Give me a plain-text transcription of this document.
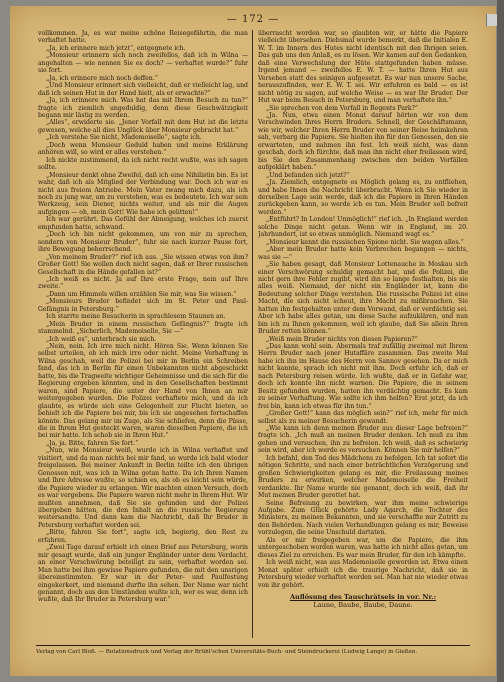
— 172 —

vollkommen. Ja, es war meine schöne Reisegefährtin, die man verhaftet hatte.

„Ja, ich erinnere mich jetzt“, entgegnete ich.

„Monsieur erinnern sich noch zweifellos, daß ich in Wilna — angehalten — wie nennen Sie es doch? — verhaftet wurde?“ fuhr sie fort.

„Ja, ich erinnere mich noch deffen.“

„Und Monsieur erinnert sich vielleicht, daß er vielleicht lag, und daß ich seinen Hut in der Hand hielt, als er erwachte?“

„Ja, ich erinnere mich. Was hat das mit Ihrem Besuch zu tun?“ fragte ich ziemlich ungeduldig, denn diese Geschwätzigkeit begann mir lästig zu werden.

„Alles“, erwiderte sie. „Jener Vorfall mit dem Hut ist die letzte gewesen, welche all dies Unglück über Monsieur gebracht hat.“

„Ich verstehe Sie nicht, Mademoiselle“, sagte ich.

„Doch wenn Monsieur Geduld haben und meine Erklärung anhören will, so wird er alles verstehen.“

Ich nickte zustimmend, da ich nicht recht wußte, was ich sagen sollte.

„Monsieur denkt ohne Zweifel, daß ich eine Nihilistin bin. Es ist wahr, daß ich als Mitglied der Verbindung war. Doch ich war es nicht aus freiem Antriebe. Mein Vater zwang mich dazu, als ich noch zu jung war, um zu verstehen, was es bedeutete. Ich war sein Werkzeug, sein Diener, nichts weiter, und als mir die Augen aufgingen — oh, mein Gott! Wie habe ich gelitten!“

Ich war gerührt. Das Gefühl der Abneigung, welches ich zuerst empfunden hatte, schwand.

„Doch ich bin nicht gekommen, um von mir zu sprechen, sondern von Monsieur Bruder“, fuhr sie nach kurzer Pause fort, ihre Bewegung beherrschend.

„Von meinem Bruder?“ rief ich aus. „Sie wissen etwas von ihm? Großer Gott! Sie wollen doch nicht sagen, daß er Ihrer russischen Gesellschaft in die Hände gefallen ist?“

„Ich weiß es nicht. Ja auf Ihre erste Frage, nein auf Ihre zweite.“

„Dann um Himmels willen erzählen Sie mir, was Sie wissen.“

„Monsieurs Bruder befindet sich im St. Peter und Paul-Gefängnis in Petersburg.“

Ich starrte meine Besucherin in sprachlosem Staunen an.

„Mein Bruder in einem russischen Gefängnis?“ fragte ich stammelnd. „Sicherlich, Mademoiselle, Sie —“

„Ich weiß es“, unterbrach sie mich.

„Nein, nein. Ich irre mich nicht. Hören Sie. Wenn können Sie selbst urteilen, ob ich mich irre oder nicht. Meine Verhaftung in Wilna geschah, weil die Polizei bei mir in Berlin ein Schreiben fand, das ich in Berlin für einen Unbekannten nicht abgeschickt hatte, bis die Tragweite wichtiger Geheimnisse und die sich für die Regierung ergeben könnten, und in den Gesellschaften bestimmt waren, sind Papiere, die unter der Hand von Ihnen an mir weitergegeben wurden. Die Polizei verhaftete mich, und da ich glaubte, es würde sich eine Gelegenheit zur Flucht bieten, so behielt ich die Papiere bei mir, bis ich sie ungesehen fortschaffen könnte. Das gelang mir im Zuge, als Sie schliefen, denn die Pässe, die in Ihrem Hut gesteckt waren, waren dieselben Papiere, die ich bei mir hatte. Ich schob sie in Ihren Hut.“

„Ja, ja. Bitte, fahren Sie fort.“

„Nun, wie Monsieur weiß, wurde ich in Wilna verhaftet und visitiert, und da man nichts bei mir fand, so wurde ich bald wieder freigelassen. Bei meiner Ankunft in Berlin teilte ich den übrigen Genossen mit, was ich in Wilna getan hatte. Da ich Ihren Namen und Ihre Adresse wußte, so schien es, als ob es leicht sein würde, die Papiere wieder zu erlangen. Wir machten einen Versuch, doch es war vergebens. Die Papiere waren nicht mehr in Ihrem Hut. Wir mußten annehmen, daß Sie sie gefunden und der Polizei übergeben hätten, die den Inhalt an die russische Regierung weitersandte. Und dann kam die Nachricht, daß Ihr Bruder in Petersburg verhaftet worden sei.

„Bitte, fahren Sie fort“, sagte ich, begierig, den Rest zu erfahren.

„Zwei Tage darauf erhielt ich einen Brief aus Petersburg, worin mir gesagt wurde, daß ein junger Engländer unter dem Verdacht, an einer Verschwörung beteiligt zu sein, verhaftet worden sei. Man hatte bei ihm gewisse Papiere gefunden, die mit den unsrigen übereinstimmten. Er war in der Peter- und Paulfestung eingekerkert, und niemand durfte ihn sehen. Der Name war nicht genannt, doch aus den Umständen wußte ich, wer es war, denn ich wußte, daß Ihr Bruder in Petersburg war.“

überrascht worden war, so glaubten wir, er hätte die Papiere vielleicht übersehen. Diebsmal wurde bemerkt, daß die Initialen E. W. T. im Innern des Hutes nicht identisch mit den Ihrigen seien. Das gab uns den Anlaß, es zu lösen. Wir kamen auf den Gedanken, daß eine Verwechslung der Hüte stattgefunden haben müsse. Irgend jemand — zweifellos E. W. T. — hatte Ihren Hut aus Versehen statt des seinigen aufgesetzt. Es war nun unsere Sache, herauszufinden, wer E. W. T. sei. Wir erfuhren es bald — es ist nicht nötig zu sagen, auf welche Weise — es war Ihr Bruder. Der Hut war beim Besuch in Petersburg, und man verhaftete ihn.“

„Sie sprechen von dem Vorfall in Regents Park?“

„Ja. Nun, etwa einen Monat darauf hörten wir von dem Verschwinden Ihres Herrn Bruders. Schnell, der Geschäftsmann, wie wir, welcher Ihren Herrn Bruder von seiner Reise heimkehren sah, verbarg die Papiere. Sie hielten ihn für den Genossen, den sie erwarteten, und nahmen ihn fest. Ich weiß nicht, was dann geschah, doch ich fürchte, daß man ihn nicht eher freilassen wird, bis Sie den Zusammenhang zwischen den beiden Vorfällen aufgeklärt haben.“

„Und befanden sich jetzt?“

„Ja. Ziemlich, entgegnete es Möglich gelang es, zu entfliehen, und habe Ihnen die Nachricht überbracht. Wenn ich Sie wieder in derselben Lage sein werde, daß ich die Papiere in Ihren Händen zurückgeben kann, so werde ich es tun. Mein Bruder soll befreit werden.“

„Entführt? In London! Unmöglich!“ rief ich. „In England werden solche Dinge nicht getan. Wenn wir in England, im 20. Jahrhundert, ist so etwas unmöglich. Niemand wagt es.“

„Monsieur kennt die russischen Spione nicht. Sie wagen alles.“

„Aber mein Bruder hatte kein Verbrechen begangen — nichts, was sie —“

„Sie haben gesagt, daß Monsieur Lottenauche in Moskau sich einer Verschwörung schuldig gemacht hat, und die Polizei, die nicht gern ihre Fehler zugibt, wird ihn so lange festhalten, bis sie alles weiß. Niemand, der nicht ein Engländer ist, kann die Bedeutung solcher Dinge verstehen. Die russische Polizei ist eine Macht, die sich nicht scheut, ihre Macht zu mißbrauchen. Sie hatten ihn festgehalten unter dem Vorwand, daß er verdächtig sei. Aber ich habe alles getan, um diese Sache aufzuklären, und nun bin ich zu Ihnen gekommen, weil ich glaube, daß Sie allein Ihren Bruder retten können.“

„Weiß mein Bruder nichts von diesen Papieren?“

„Das kann wohl sein. Abermals traf zufällig zweimal mit Ihrem Herrn Bruder nach jener Hutaffäre zusammen. Das zweite Mal habe ich ihn im Hause des Herrn von Sannov gesehen. Da er mich nicht kannte, sprach ich nicht mit ihm. Doch erfuhr ich, daß er nach Petersburg reisen würde. Ich wußte, daß er in Gefahr war, doch ich konnte ihn nicht warnen. Die Papiere, die in seinem Besitz gefunden wurden, hatten ihn verdächtig gemacht. Es kam zu seiner Verhaftung. Wie sollte ich ihm helfen? Erst jetzt, da ich frei bin, kann ich etwas für ihn tun.“

„Großer Gott!“ kann das möglich sein?“ rief ich, mehr für mich selbst als zu meiner Besucherin gewandt.

„Wie kann ich denn meinen Bruder aus dieser Lage befreien?“ fragte ich. „Ich muß an meinen Bruder denken. Ich muß zu ihm gehen und versuchen, ihn zu befreien. Ich weiß, daß es schwierig sein wird, aber ich werde es versuchen. Können Sie mir helfen?“

Ich befahl, den Tod des Mädchens zu befolgen. Ich tat sofort die nötigen Schritte, und nach einer beträchtlichen Verzögerung und großen Schwierigkeiten gelang es mir, die Freilassung meines Bruders zu erwirken, welcher Mademoiselle die Freiheit verdankte. Ihr Name wurde nie genannt, doch ich weiß, daß ihr Mut meinen Bruder gerettet hat.

Seine Befreiung zu bewirken, war ihm meine schwierige Aufgabe. Zum Glück gehörte Lady Agarch, die Tochter des Ministers, zu meinen Bekannten, und sie verschaffte mir Zutritt zu den Behörden. Nach vielen Verhandlungen gelang es mir, Beweise vorzulegen, die seine Unschuld dartaten.

Als er mir freigegeben war, um die Papiere, die ihm untergeschoben worden waren, was hatte ich nicht alles getan, um dieses Ziel zu erreichen. Es war mein Bruder, für den ich kämpfte.

Ich weiß nicht, was aus Mademoiselle geworden ist. Etwa einen Monat später erhielt ich die traurige Nachricht, daß sie in Petersburg wieder verhaftet worden sei. Man hat nie wieder etwas von ihr gehört.

Auflösung des Tauschrätsels in vor. Nr.:
Laune, Baube, Baube, Daune.
Verlag von Carl Bloß. — Rotationsdruck und Verlag der Brühl'schen Universitäts-Buch- und Steindruckerei (Ludwig Lange) in Gießen.
